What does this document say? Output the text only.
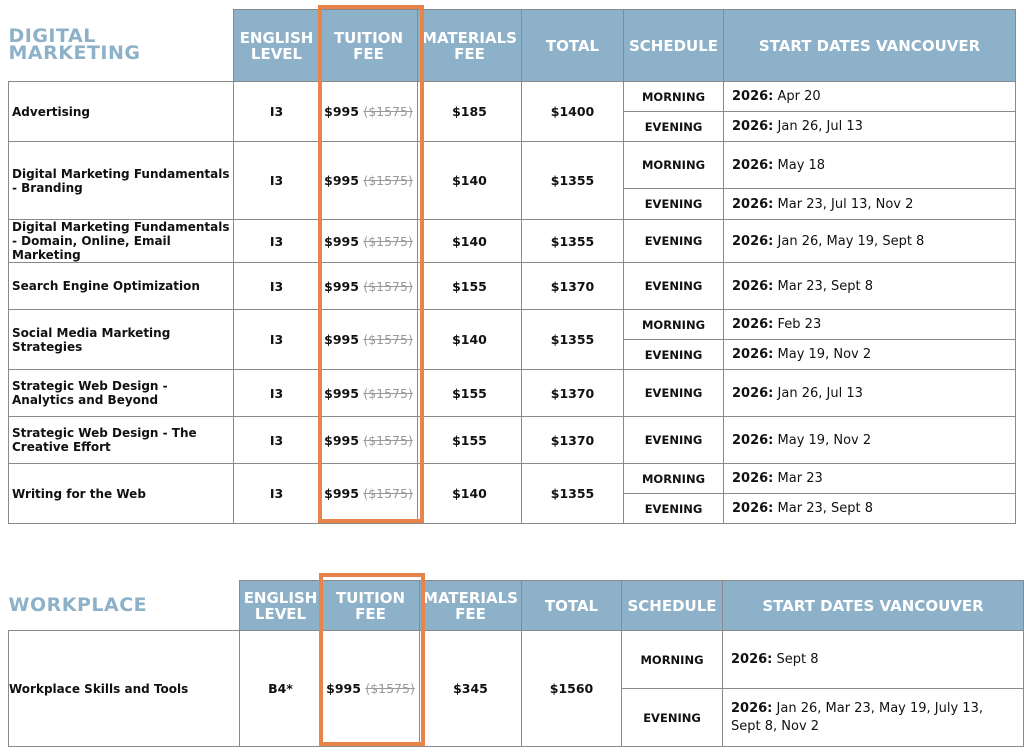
DIGITAL MARKETING	ENGLISH LEVEL	TUITION FEE	MATERIALS FEE	TOTAL	SCHEDULE	START DATES VANCOUVER
Advertising	I3	$995 ($1575)	$185	$1400	MORNING	2026: Apr 20
					EVENING	2026: Jan 26, Jul 13
Digital Marketing Fundamentals - Branding	I3	$995 ($1575)	$140	$1355	MORNING	2026: May 18
					EVENING	2026: Mar 23, Jul 13, Nov 2
Digital Marketing Fundamentals - Domain, Online, Email Marketing	I3	$995 ($1575)	$140	$1355	EVENING	2026: Jan 26, May 19, Sept 8
Search Engine Optimization	I3	$995 ($1575)	$155	$1370	EVENING	2026: Mar 23, Sept 8
Social Media Marketing Strategies	I3	$995 ($1575)	$140	$1355	MORNING	2026: Feb 23
					EVENING	2026: May 19, Nov 2
Strategic Web Design - Analytics and Beyond	I3	$995 ($1575)	$155	$1370	EVENING	2026: Jan 26, Jul 13
Strategic Web Design - The Creative Effort	I3	$995 ($1575)	$155	$1370	EVENING	2026: May 19, Nov 2
Writing for the Web	I3	$995 ($1575)	$140	$1355	MORNING	2026: Mar 23
					EVENING	2026: Mar 23, Sept 8
WORKPLACE	ENGLISH LEVEL	TUITION FEE	MATERIALS FEE	TOTAL	SCHEDULE	START DATES VANCOUVER
Workplace Skills and Tools	B4*	$995 ($1575)	$345	$1560	MORNING	2026: Sept 8
					EVENING	2026: Jan 26, Mar 23, May 19, July 13, Sept 8, Nov 2
